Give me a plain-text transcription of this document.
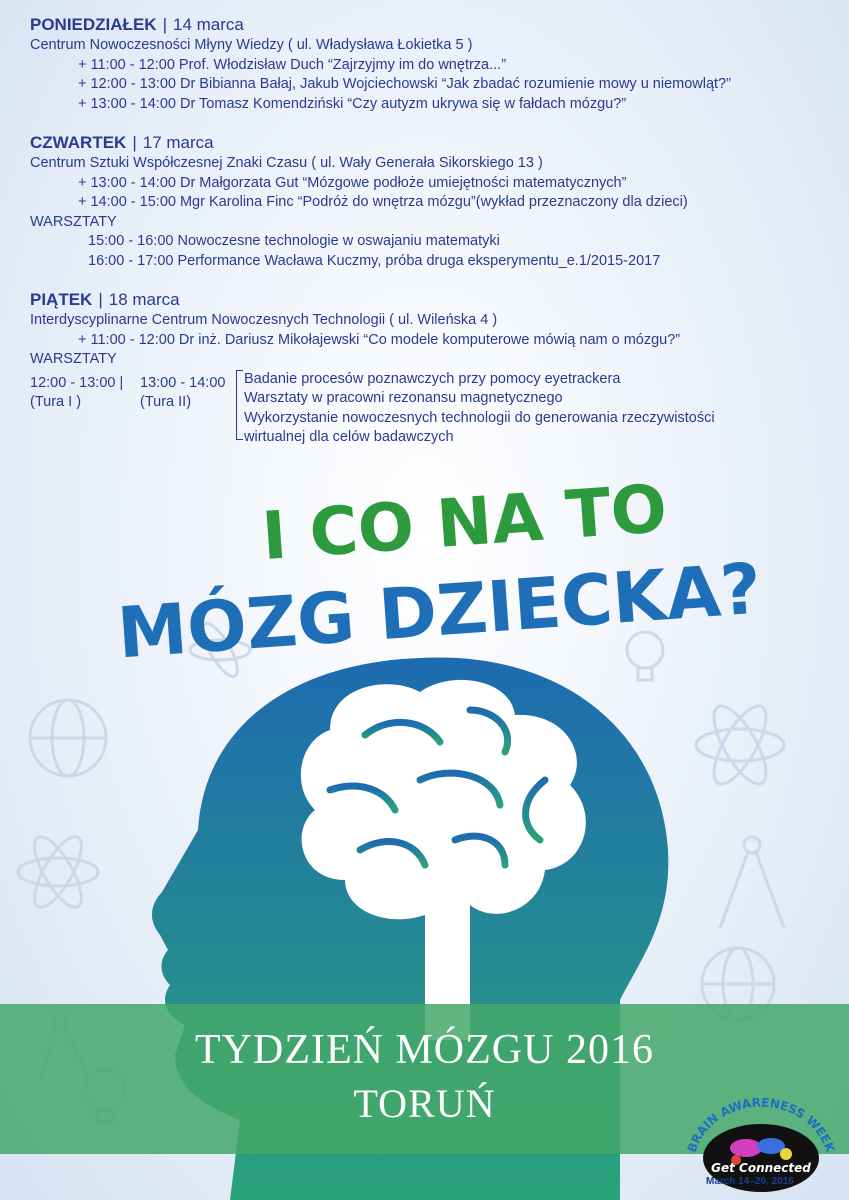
PONIEDZIAŁEK | 14 marca
Centrum Nowoczesności Młyny Wiedzy ( ul. Władysława Łokietka 5 )
+ 11:00 - 12:00 Prof. Włodzisław Duch “Zajrzyjmy im do wnętrza...”
+ 12:00 - 13:00 Dr Bibianna Bałaj, Jakub Wojciechowski “Jak zbadać rozumienie mowy u niemowląt?”
+ 13:00 - 14:00 Dr Tomasz Komendziński “Czy autyzm ukrywa się w fałdach mózgu?”
CZWARTEK | 17 marca
Centrum Sztuki Współczesnej Znaki Czasu ( ul. Wały Generała Sikorskiego 13 )
+ 13:00 - 14:00 Dr Małgorzata Gut “Mózgowe podłoże umiejętności matematycznych”
+ 14:00 - 15:00 Mgr Karolina Finc “Podróż do wnętrza mózgu”(wykład przeznaczony dla dzieci)
WARSZTATY
15:00 - 16:00 Nowoczesne technologie w oswajaniu matematyki
16:00 - 17:00 Performance Wacława Kuczmy, próba druga eksperymentu_e.1/2015-2017
PIĄTEK | 18 marca
Interdyscyplinarne Centrum Nowoczesnych Technologii ( ul. Wileńska 4 )
+ 11:00 - 12:00 Dr inż. Dariusz Mikołajewski “Co modele komputerowe mówią nam o mózgu?”
WARSZTATY
12:00 - 13:00 |
(Tura I )
13:00 - 14:00
(Tura II)
Badanie procesów poznawczych przy pomocy eyetrackera
Warsztaty w pracowni rezonansu magnetycznego
Wykorzystanie nowoczesnych technologii do generowania rzeczywistości
wirtualnej dla celów badawczych
I CO NA TO
MÓZG DZIECKA?
TYDZIEŃ MÓZGU 2016
TORUŃ
BRAIN AWARENESS WEEK
Get Connected
March 14–20, 2016
